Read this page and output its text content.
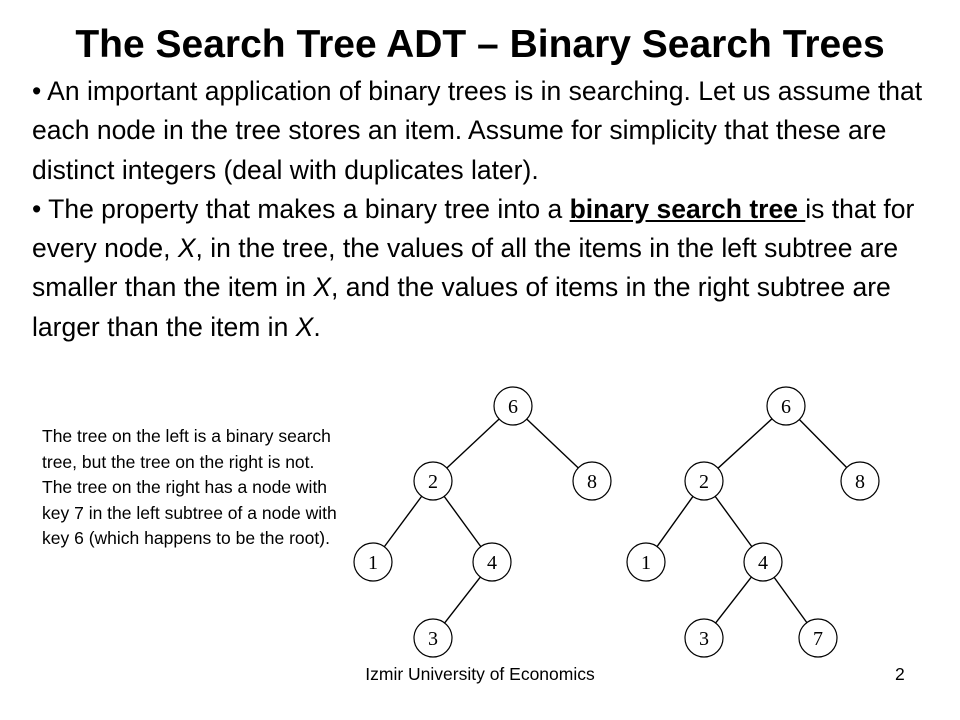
The Search Tree ADT – Binary Search Trees

• An important application of binary trees is in searching. Let us assume that each node in the tree stores an item. Assume for simplicity that these are distinct integers (deal with duplicates later).

• The property that makes a binary tree into a binary search tree is that for every node, X, in the tree, the values of all the items in the left subtree are smaller than the item in X, and the values of items in the right subtree are larger than the item in X.

The tree on the left is a binary search tree, but the tree on the right is not. The tree on the right has a node with key 7 in the left subtree of a node with key 6 (which happens to be the root).
6
2	8
1	4
3
6
2	8
1	4
3	7
Izmir University of Economics	2
